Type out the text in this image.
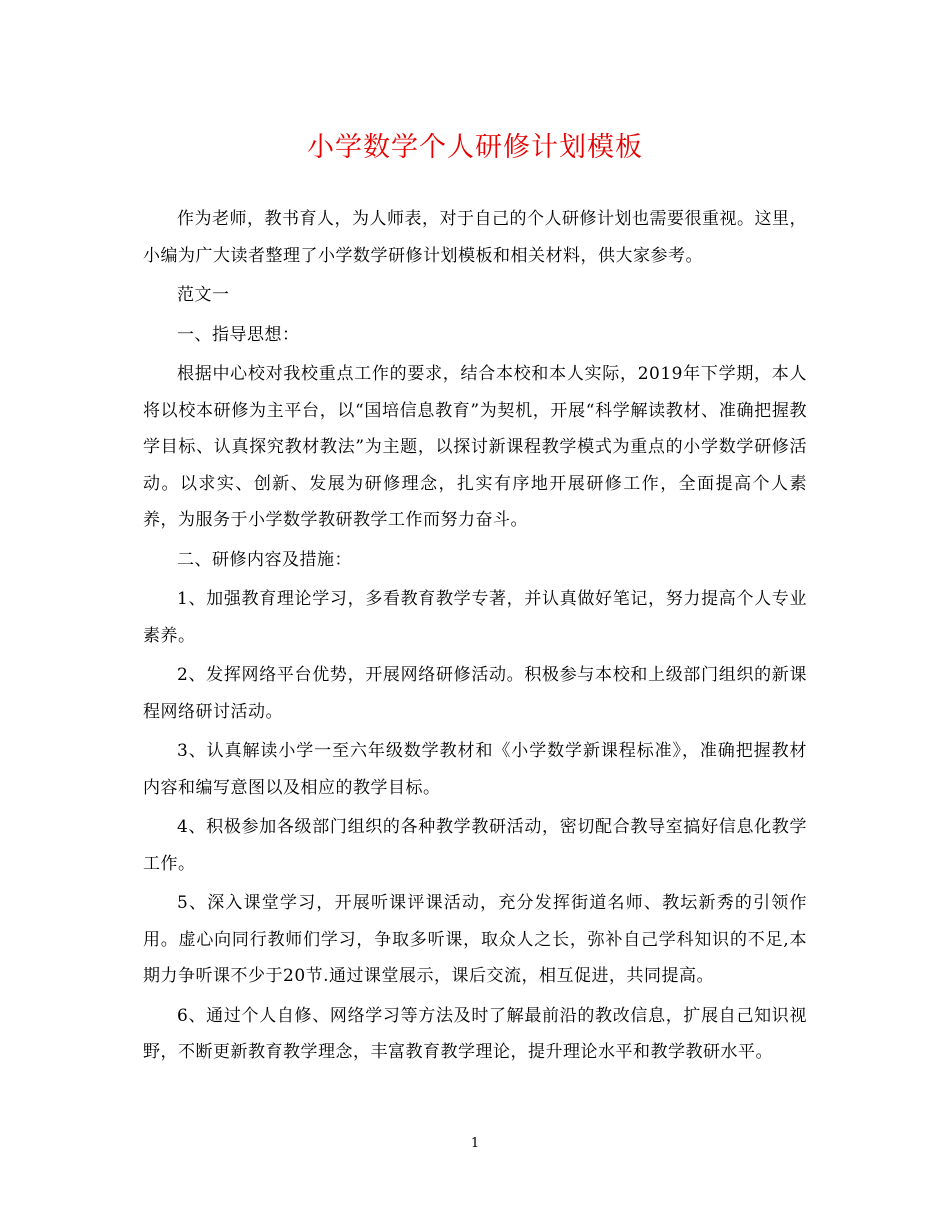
小学数学个人研修计划模板

作为老师，教书育人，为人师表，对于自己的个人研修计划也需要很重视。这里，小编为广大读者整理了小学数学研修计划模板和相关材料，供大家参考。

范文一

一、指导思想：

根据中心校对我校重点工作的要求，结合本校和本人实际，2019年下学期，本人将以校本研修为主平台，以“国培信息教育”为契机，开展“科学解读教材、准确把握教学目标、认真探究教材教法”为主题，以探讨新课程教学模式为重点的小学数学研修活动。以求实、创新、发展为研修理念，扎实有序地开展研修工作，全面提高个人素养，为服务于小学数学教研教学工作而努力奋斗。

二、研修内容及措施：

1、加强教育理论学习，多看教育教学专著，并认真做好笔记，努力提高个人专业素养。

2、发挥网络平台优势，开展网络研修活动。积极参与本校和上级部门组织的新课程网络研讨活动。

3、认真解读小学一至六年级数学教材和《小学数学新课程标准》，准确把握教材内容和编写意图以及相应的教学目标。

4、积极参加各级部门组织的各种教学教研活动，密切配合教导室搞好信息化教学工作。

5、深入课堂学习，开展听课评课活动，充分发挥街道名师、教坛新秀的引领作用。虚心向同行教师们学习，争取多听课，取众人之长，弥补自己学科知识的不足,本期力争听课不少于20节.通过课堂展示，课后交流，相互促进，共同提高。

6、通过个人自修、网络学习等方法及时了解最前沿的教改信息，扩展自己知识视野，不断更新教育教学理念，丰富教育教学理论，提升理论水平和教学教研水平。

1
